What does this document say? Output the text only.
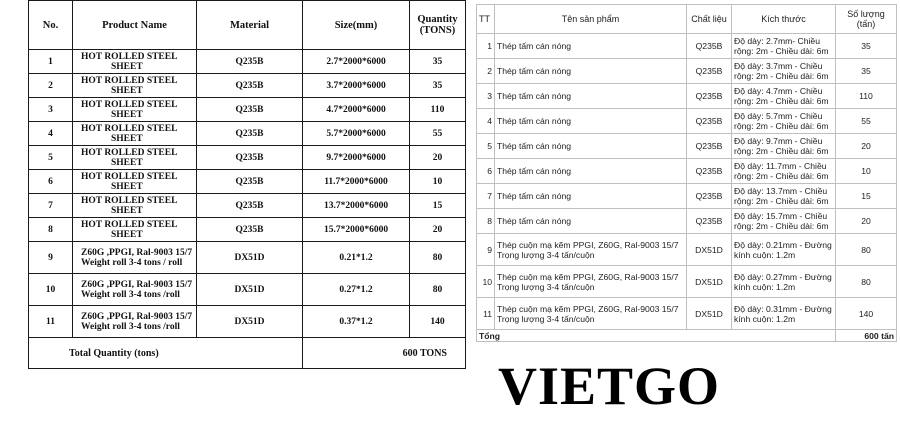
No.	Product Name	Material	Size(mm)	Quantity
(TONS)

1	HOT ROLLED STEEL
SHEET	Q235B	2.7*2000*6000	35
2	HOT ROLLED STEEL
SHEET	Q235B	3.7*2000*6000	35
3	HOT ROLLED STEEL
SHEET	Q235B	4.7*2000*6000	110
4	HOT ROLLED STEEL
SHEET	Q235B	5.7*2000*6000	55
5	HOT ROLLED STEEL
SHEET	Q235B	9.7*2000*6000	20
6	HOT ROLLED STEEL
SHEET	Q235B	11.7*2000*6000	10
7	HOT ROLLED STEEL
SHEET	Q235B	13.7*2000*6000	15
8	HOT ROLLED STEEL
SHEET	Q235B	15.7*2000*6000	20
9	Z60G ,PPGI, Ral-9003 15/7
Weight roll 3-4 tons / roll	DX51D	0.21*1.2	80
10	Z60G ,PPGI, Ral-9003 15/7
Weight roll 3-4 tons /roll	DX51D	0.27*1.2	80
11	Z60G ,PPGI, Ral-9003 15/7
Weight roll 3-4 tons /roll	DX51D	0.37*1.2	140
Total Quantity (tons)			600 TONS	
TT	Tên sản phẩm	Chất liệu	Kích thước	Số lượng
(tấn)

1	Thép tấm cán nóng	Q235B	Độ dày: 2.7mm- Chiều
rộng: 2m - Chiều dài: 6m	35
2	Thép tấm cán nóng	Q235B	Độ dày: 3.7mm - Chiều
rộng: 2m - Chiều dài: 6m	35
3	Thép tấm cán nóng	Q235B	Độ dày: 4.7mm - Chiều
rộng: 2m - Chiều dài: 6m	110
4	Thép tấm cán nóng	Q235B	Độ dày: 5.7mm - Chiều
rộng: 2m - Chiều dài: 6m	55
5	Thép tấm cán nóng	Q235B	Độ dày: 9.7mm - Chiều
rộng: 2m - Chiều dài: 6m	20
6	Thép tấm cán nóng	Q235B	Độ dày: 11.7mm - Chiều
rộng: 2m - Chiều dài: 6m	10
7	Thép tấm cán nóng	Q235B	Độ dày: 13.7mm - Chiều
rộng: 2m - Chiều dài: 6m	15
8	Thép tấm cán nóng	Q235B	Độ dày: 15.7mm - Chiều
rộng: 2m - Chiều dài: 6m	20
9	Thép cuộn mạ kẽm PPGI, Z60G, Ral-9003 15/7
Trọng lượng 3-4 tấn/cuộn	DX51D	Độ dày: 0.21mm - Đường
kính cuộn: 1.2m	80
10	Thép cuộn mạ kẽm PPGI, Z60G, Ral-9003 15/7
Trọng lượng 3-4 tấn/cuộn	DX51D	Độ dày: 0.27mm - Đường
kính cuộn: 1.2m	80
11	Thép cuộn mạ kẽm PPGI, Z60G, Ral-9003 15/7
Trọng lượng 3-4 tấn/cuộn	DX51D	Độ dày: 0.31mm - Đường
kính cuộn: 1.2m	140
Tổng				600 tấn
VIETGO
